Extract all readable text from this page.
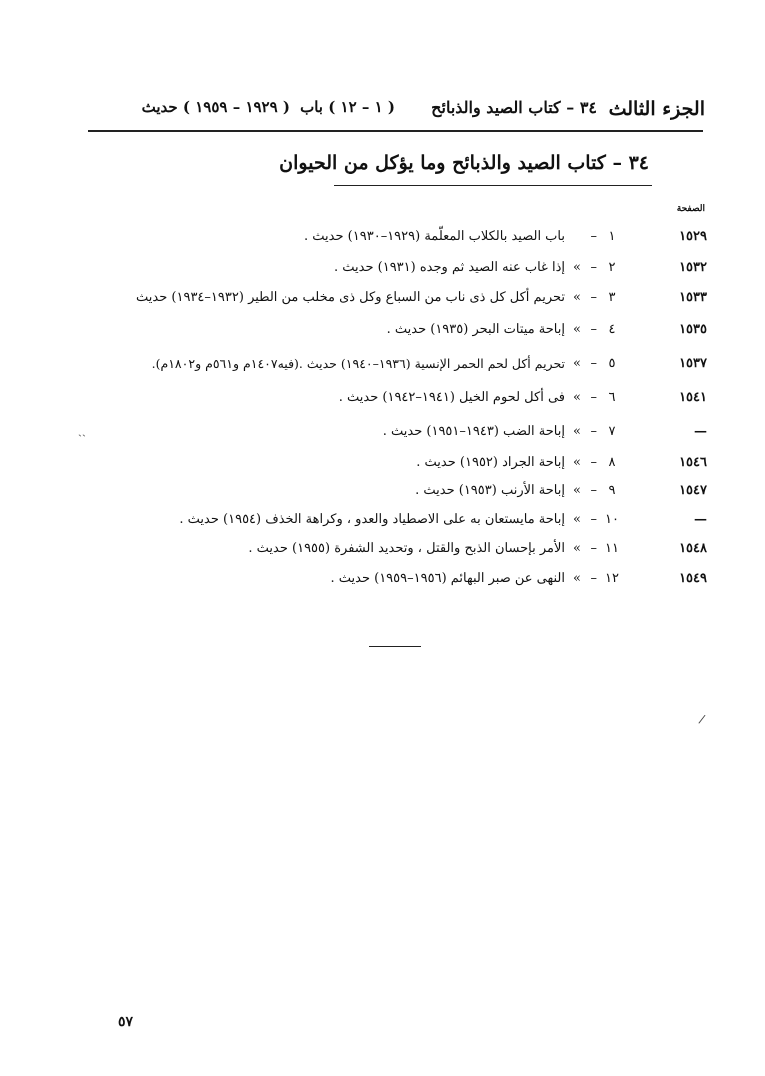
الجزء الثالث
٣٤ – كتاب الصيد والذبائح
( ١ – ١٢ ) باب
( ١٩٢٩ – ١٩٥٩ ) حديث
٣٤ – كتاب الصيد والذبائح وما يؤكل من الحيوان
الصفحة
١٥٢٩
١
–
باب الصيد بالكلاب المعلّمة (١٩٢٩–١٩٣٠) حديث .
١٥٣٢
٢
–
»
إذا غاب عنه الصيد ثم وجده (١٩٣١) حديث .
١٥٣٣
٣
–
»
تحريم أكل كل ذى ناب من السباع وكل ذى مخلب من الطير (١٩٣٢–١٩٣٤) حديث
١٥٣٥
٤
–
»
إباحة ميتات البحر (١٩٣٥) حديث .
١٥٣٧
٥
–
»
تحريم أكل لحم الحمر الإنسية (١٩٣٦–١٩٤٠) حديث .(فيه١٤٠٧م و٥٦١م و١٨٠٢م).
١٥٤١
٦
–
»
فى أكل لحوم الخيل (١٩٤١–١٩٤٢) حديث .
—
٧
–
»
إباحة الضب (١٩٤٣–١٩٥١) حديث .
١٥٤٦
٨
–
»
إباحة الجراد (١٩٥٢) حديث .
١٥٤٧
٩
–
»
إباحة الأرنب (١٩٥٣) حديث .
—
١٠
–
»
إباحة مايستعان به على الاصطياد والعدو ، وكراهة الخذف (١٩٥٤) حديث .
١٥٤٨
١١
–
»
الأمر بإحسان الذبح والقتل ، وتحديد الشفرة (١٩٥٥) حديث .
١٥٤٩
١٢
–
»
النهى عن صبر البهائم (١٩٥٦–١٩٥٩) حديث .
ˏˏ
/
٥٧
